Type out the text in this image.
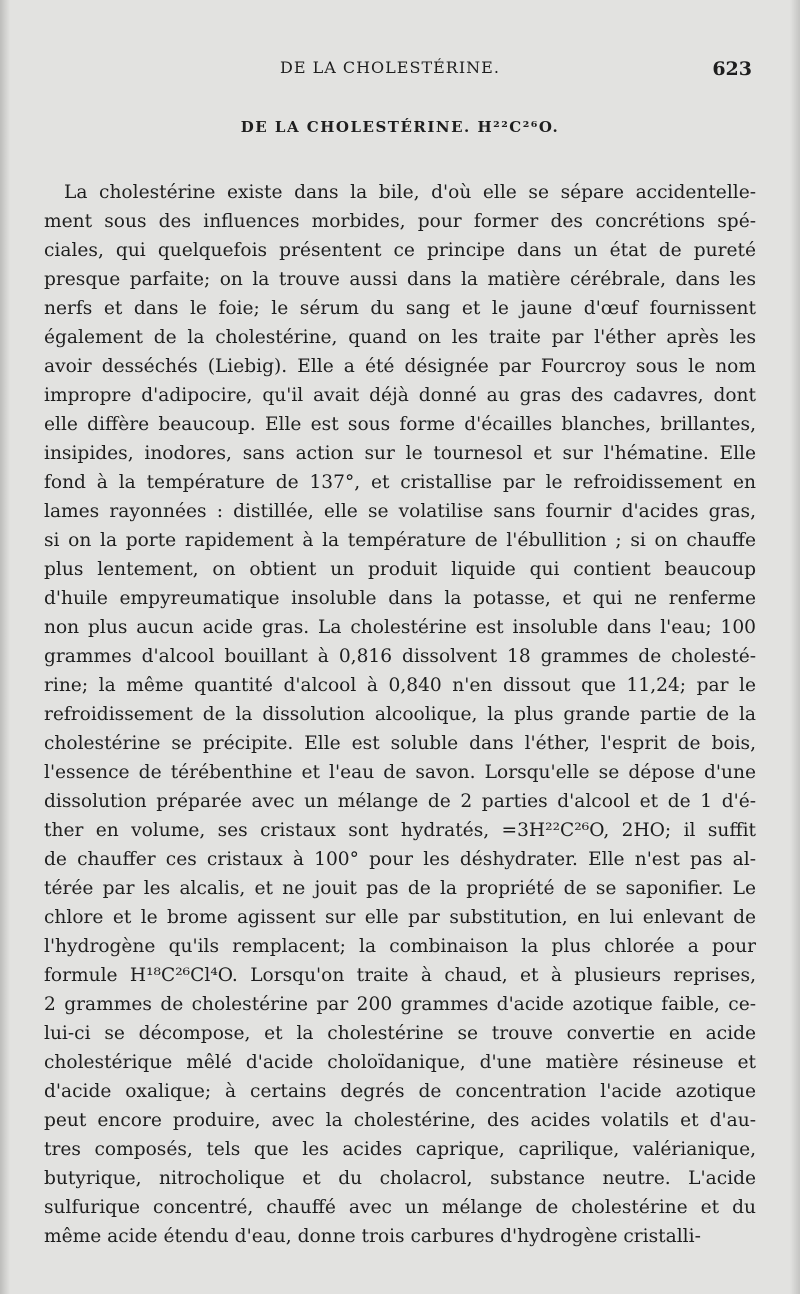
DE LA CHOLESTÉRINE.	623
DE LA CHOLESTÉRINE. H²²C²⁶O.
La cholestérine existe dans la bile, d'où elle se sépare accidentelle-
ment sous des influences morbides, pour former des concrétions spé-
ciales, qui quelquefois présentent ce principe dans un état de pureté
presque parfaite; on la trouve aussi dans la matière cérébrale, dans les
nerfs et dans le foie; le sérum du sang et le jaune d'œuf fournissent
également de la cholestérine, quand on les traite par l'éther après les
avoir desséchés (Liebig). Elle a été désignée par Fourcroy sous le nom
impropre d'adipocire, qu'il avait déjà donné au gras des cadavres, dont
elle diffère beaucoup. Elle est sous forme d'écailles blanches, brillantes,
insipides, inodores, sans action sur le tournesol et sur l'hématine. Elle
fond à la température de 137°, et cristallise par le refroidissement en
lames rayonnées : distillée, elle se volatilise sans fournir d'acides gras,
si on la porte rapidement à la température de l'ébullition ; si on chauffe
plus lentement, on obtient un produit liquide qui contient beaucoup
d'huile empyreumatique insoluble dans la potasse, et qui ne renferme
non plus aucun acide gras. La cholestérine est insoluble dans l'eau; 100
grammes d'alcool bouillant à 0,816 dissolvent 18 grammes de cholesté-
rine; la même quantité d'alcool à 0,840 n'en dissout que 11,24; par le
refroidissement de la dissolution alcoolique, la plus grande partie de la
cholestérine se précipite. Elle est soluble dans l'éther, l'esprit de bois,
l'essence de térébenthine et l'eau de savon. Lorsqu'elle se dépose d'une
dissolution préparée avec un mélange de 2 parties d'alcool et de 1 d'é-
ther en volume, ses cristaux sont hydratés, =3H²²C²⁶O, 2HO; il suffit
de chauffer ces cristaux à 100° pour les déshydrater. Elle n'est pas al-
térée par les alcalis, et ne jouit pas de la propriété de se saponifier. Le
chlore et le brome agissent sur elle par substitution, en lui enlevant de
l'hydrogène qu'ils remplacent; la combinaison la plus chlorée a pour
formule H¹⁸C²⁶Cl⁴O. Lorsqu'on traite à chaud, et à plusieurs reprises,
2 grammes de cholestérine par 200 grammes d'acide azotique faible, ce-
lui-ci se décompose, et la cholestérine se trouve convertie en acide
cholestérique mêlé d'acide choloïdanique, d'une matière résineuse et
d'acide oxalique; à certains degrés de concentration l'acide azotique
peut encore produire, avec la cholestérine, des acides volatils et d'au-
tres composés, tels que les acides caprique, caprilique, valérianique,
butyrique, nitrocholique et du cholacrol, substance neutre. L'acide
sulfurique concentré, chauffé avec un mélange de cholestérine et du
même acide étendu d'eau, donne trois carbures d'hydrogène cristalli-
